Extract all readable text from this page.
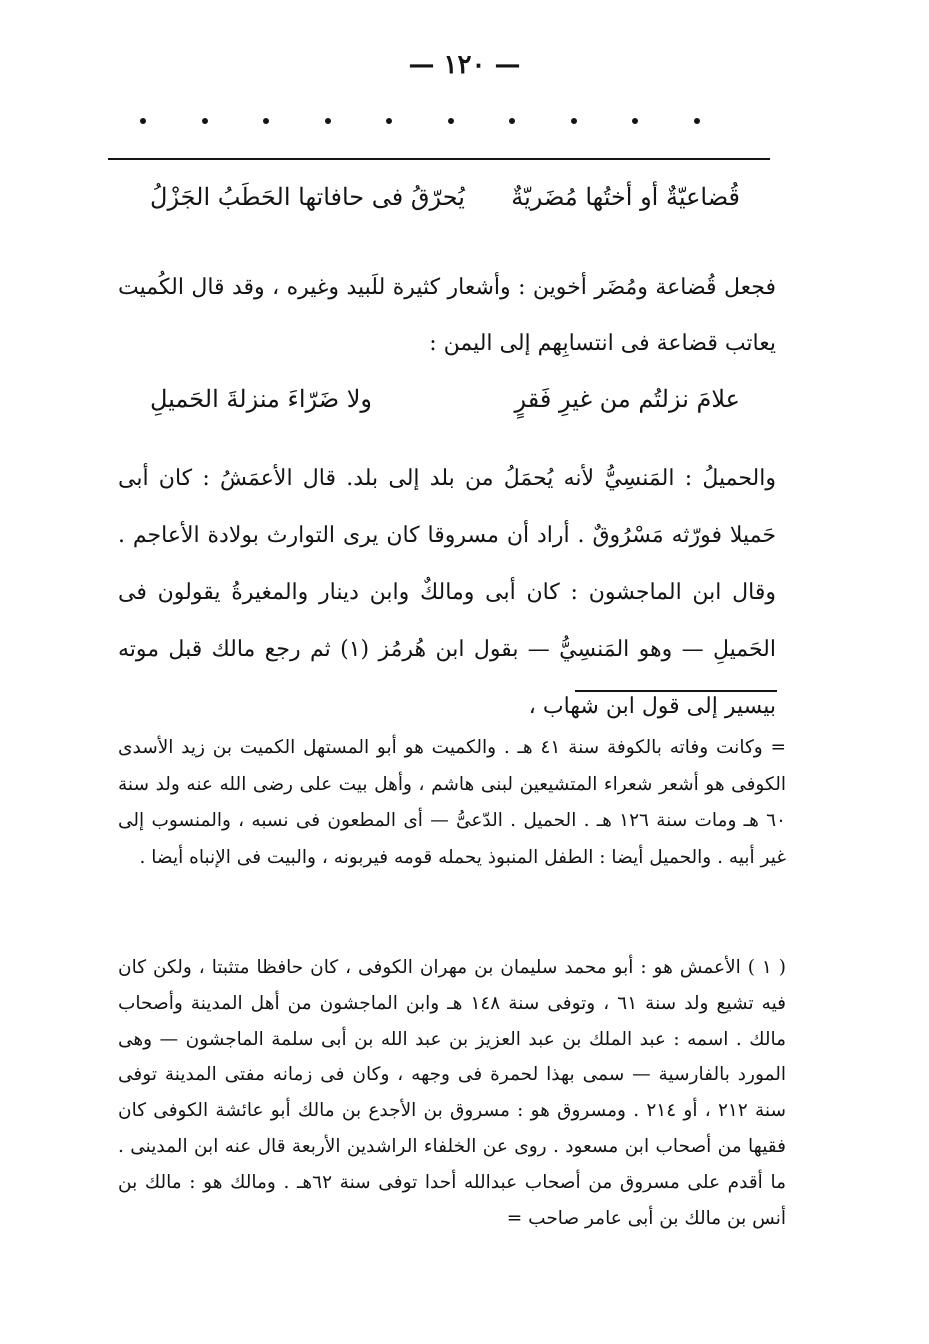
— ١٢٠ —
قُضاعيّةٌ أو أختُها مُضَريّةٌ
يُحرّقُ فى حافاتها الحَطَبُ الجَزْلُ

فجعل قُضاعة ومُضَر أخوين : وأشعار كثيرة للَبيد وغيره ، وقد قال الكُميت يعاتب قضاعة فى انتسابِهم إلى اليمن :

علامَ نزلتُم من غيرِ فَقرٍ
ولا ضَرّاءَ منزلةَ الحَميلِ

والحميلُ : المَنسِيُّ لأنه يُحمَلُ من بلد إلى بلد. قال الأعمَشُ : كان أبى حَميلا فورّثه مَسْرُوقٌ . أراد أن مسروقا كان يرى التوارث بولادة الأعاجم . وقال ابن الماجشون : كان أبى ومالكٌ وابن دينار والمغيرةُ يقولون فى الحَميلِ — وهو المَنسِيُّ — بقول ابن هُرمُز (١) ثم رجع مالك قبل موته بيسير إلى قول ابن شهاب ،

= وكانت وفاته بالكوفة سنة ٤١ هـ . والكميت هو أبو المستهل الكميت بن زيد الأسدى الكوفى هو أشعر شعراء المتشيعين لبنى هاشم ، وأهل بيت على رضى الله عنه ولد سنة ٦٠ هـ ومات سنة ١٢٦ هـ . الحميل . الدّعىُّ — أى المطعون فى نسبه ، والمنسوب إلى غير أبيه . والحميل أيضا : الطفل المنبوذ يحمله قومه فيربونه ، والبيت فى الإنباه أيضا .

( ١ ) الأعمش هو : أبو محمد سليمان بن مهران الكوفى ، كان حافظا متثبتا ، ولكن كان فيه تشيع ولد سنة ٦١ ، وتوفى سنة ١٤٨ هـ وابن الماجشون من أهل المدينة وأصحاب مالك . اسمه : عبد الملك بن عبد العزيز بن عبد الله بن أبى سلمة الماجشون — وهى المورد بالفارسية — سمى بهذا لحمرة فى وجهه ، وكان فى زمانه مفتى المدينة توفى سنة ٢١٢ ، أو ٢١٤ . ومسروق هو : مسروق بن الأجدع بن مالك أبو عائشة الكوفى كان فقيها من أصحاب ابن مسعود . روى عن الخلفاء الراشدين الأربعة قال عنه ابن المدينى . ما أقدم على مسروق من أصحاب عبدالله أحدا توفى سنة ٦٢هـ . ومالك هو : مالك بن أنس بن مالك بن أبى عامر صاحب =
